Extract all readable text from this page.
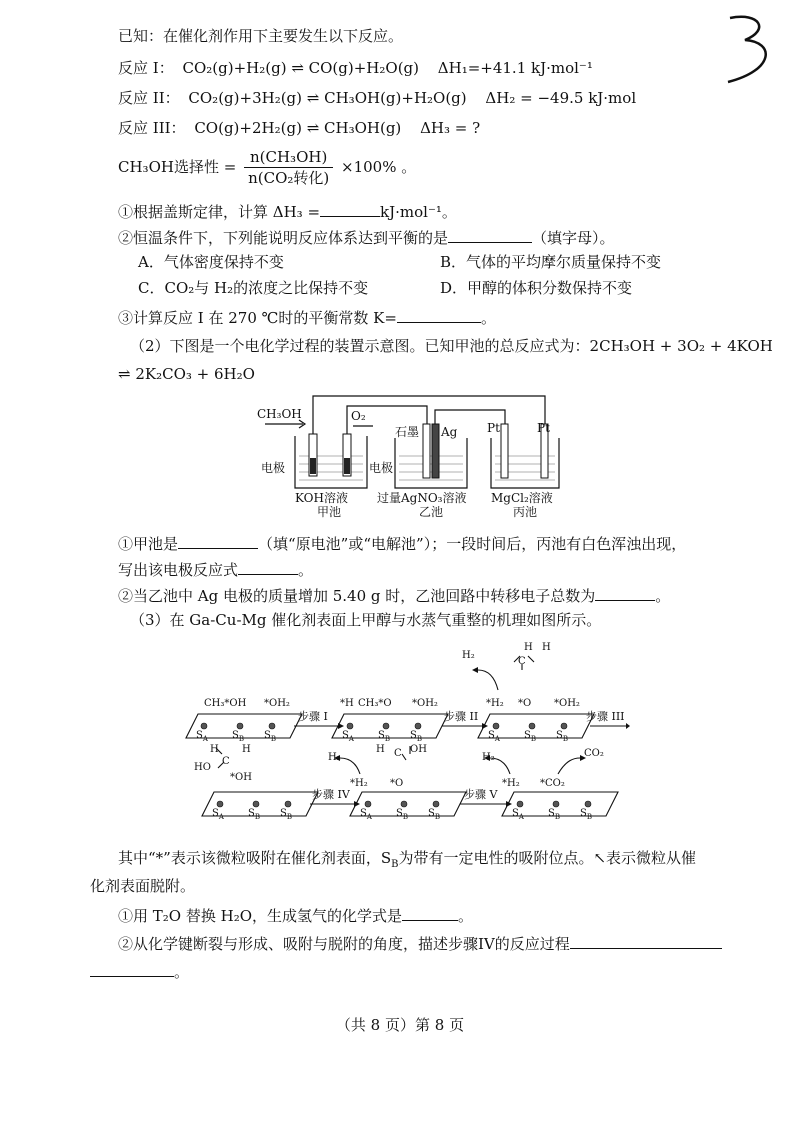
已知：在催化剂作用下主要发生以下反应。
反应 I： CO₂(g)+H₂(g) ⇌ CO(g)+H₂O(g) ΔH₁=+41.1 kJ·mol⁻¹
反应 II： CO₂(g)+3H₂(g) ⇌ CH₃OH(g)+H₂O(g) ΔH₂ = −49.5 kJ·mol
反应 III： CO(g)+2H₂(g) ⇌ CH₃OH(g) ΔH₃ = ?
CH₃OH选择性 = $\frac{\text{n(CH₃OH)}}{\text{n(CO₂转化)}} \times 100\%$ 。
①根据盖斯定律，计算 ΔH₃ =	kJ·mol⁻¹。
②恒温条件下，下列能说明反应体系达到平衡的是	（填字母）。
A．气体密度保持不变	B．气体的平均摩尔质量保持不变
C．CO₂与 H₂的浓度之比保持不变	D．甲醇的体积分数保持不变
③计算反应 I 在 270 ℃时的平衡常数 K=	。
（2）下图是一个电化学过程的装置示意图。已知甲池的总反应式为：2CH₃OH + 3O₂ + 4KOH
⇌ 2K₂CO₃ + 6H₂O
CH₃OH	O₂
电极	电极
石墨 Ag Pt	Pt
KOH溶液
甲池
过量AgNO₃溶液
乙池
MgCl₂溶液
丙池
①甲池是	（填“原电池”或“电解池”）；一段时间后，丙池有白色浑浊出现，
写出该电极反应式	。
②当乙池中 Ag 电极的质量增加 5.40 g 时，乙池回路中转移电子总数为	。
（3）在 Ga-Cu-Mg 催化剂表面上甲醇与水蒸气重整的机理如图所示。
$S_A$ $S_B$ $S_B$	$S_A$ $S_B$ $S_B$	$S_A$ $S_B$ $S_B$
$S_A$ $S_B$ $S_B$	$S_A$ $S_B$ $S_B$	$S_A$ $S_B$ $S_B$
步骤 I	步骤 II	步骤 III
步骤 IV	步骤 V
CH₃*OH *OH₂	*H CH₃*O *OH₂
H₂
*H₂
H
C
H
*O *OH₂
H H
C
HO
*OH
H₂
*H₂
H C OH
*O
H₂
*H₂ *CO₂
CO₂
其中“*”表示该微粒吸附在催化剂表面，$S_B$为带有一定电性的吸附位点。↖表示微粒从催
化剂表面脱附。
①用 T₂O 替换 H₂O，生成氢气的化学式是	。
②从化学键断裂与形成、吸附与脱附的角度，描述步骤IV的反应过程
。
（共 8 页）第 8 页
